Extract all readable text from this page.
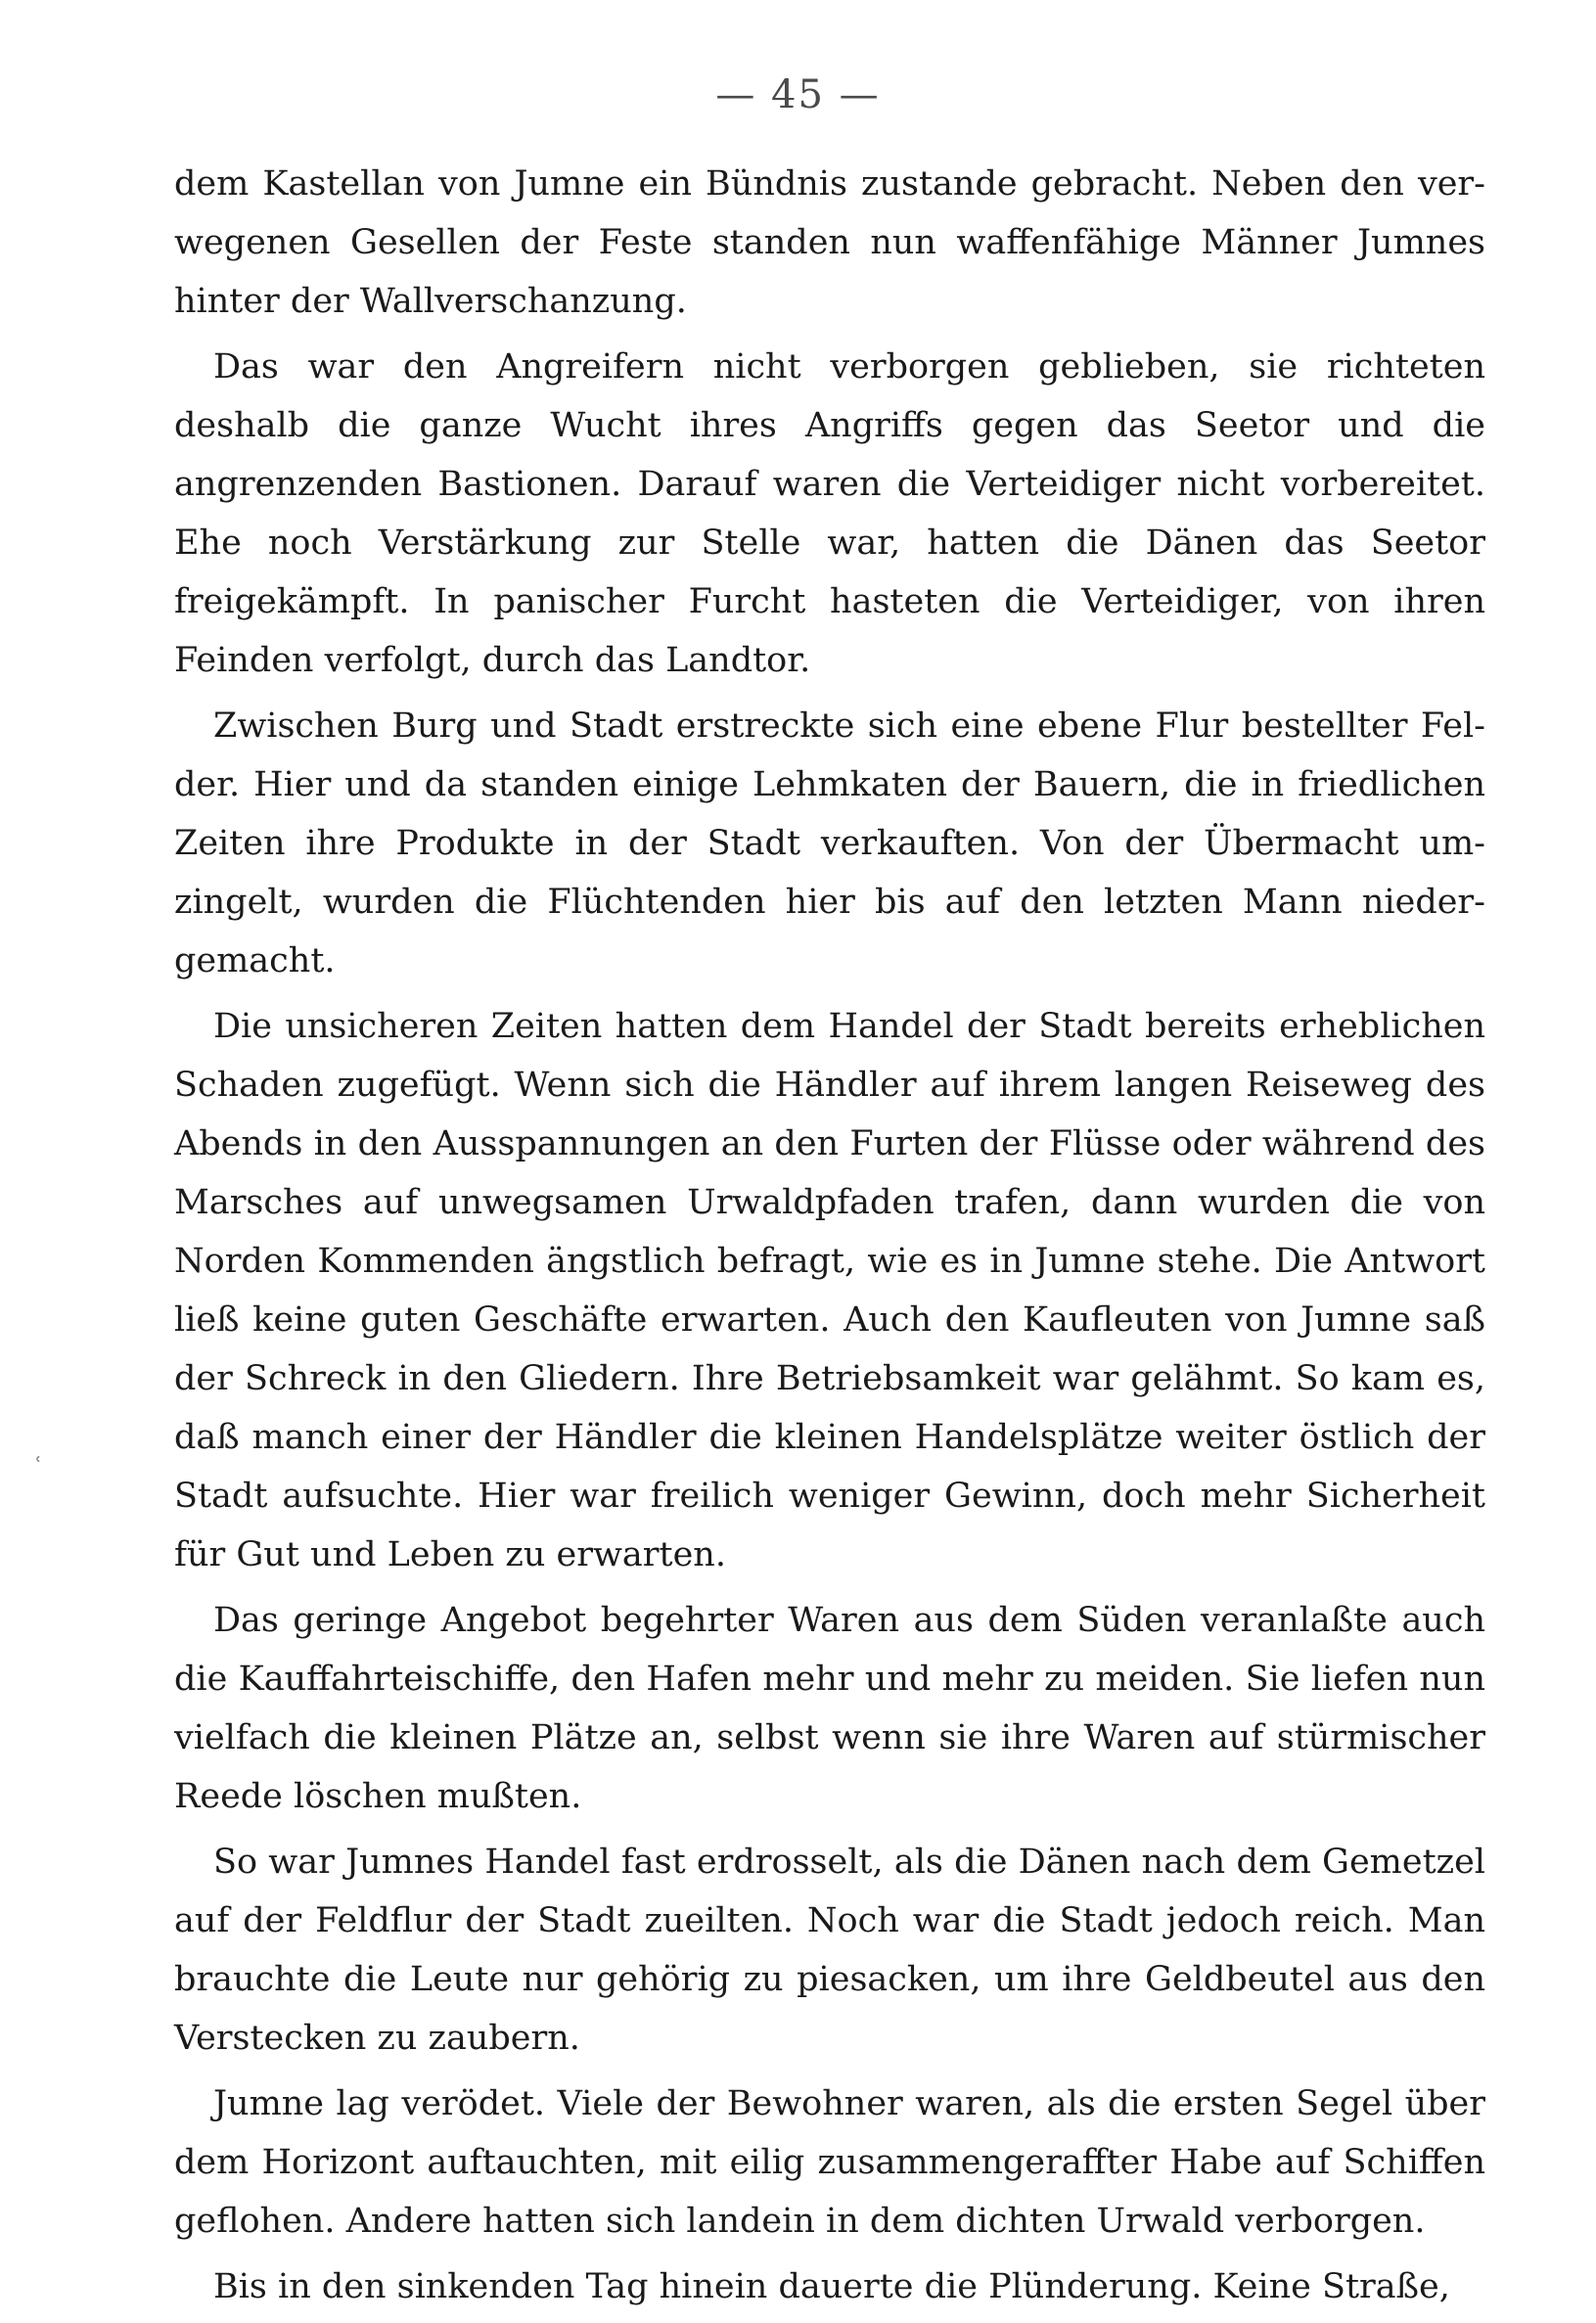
— 45 —
ʿ

dem Kastellan von Jumne ein Bündnis zustande gebracht. Neben den verwegenen Gesellen der Feste standen nun waffenfähige Männer Jumnes hinter der Wallverschanzung.

Das war den Angreifern nicht verborgen geblieben, sie richteten deshalb die ganze Wucht ihres Angriffs gegen das Seetor und die angrenzenden Bastionen. Darauf waren die Verteidiger nicht vorbereitet. Ehe noch Verstärkung zur Stelle war, hatten die Dänen das Seetor freigekämpft. In panischer Furcht hasteten die Verteidiger, von ihren Feinden verfolgt, durch das Landtor.

Zwischen Burg und Stadt erstreckte sich eine ebene Flur bestellter Felder. Hier und da standen einige Lehmkaten der Bauern, die in friedlichen Zeiten ihre Produkte in der Stadt verkauften. Von der Übermacht umzingelt, wurden die Flüchtenden hier bis auf den letzten Mann niedergemacht.

Die unsicheren Zeiten hatten dem Handel der Stadt bereits erheblichen Schaden zugefügt. Wenn sich die Händler auf ihrem langen Reiseweg des Abends in den Ausspannungen an den Furten der Flüsse oder während des Marsches auf unwegsamen Urwaldpfaden trafen, dann wurden die von Norden Kommenden ängstlich befragt, wie es in Jumne stehe. Die Antwort ließ keine guten Geschäfte erwarten. Auch den Kaufleuten von Jumne saß der Schreck in den Gliedern. Ihre Betriebsamkeit war gelähmt. So kam es, daß manch einer der Händler die kleinen Handelsplätze weiter östlich der Stadt aufsuchte. Hier war freilich weniger Gewinn, doch mehr Sicherheit für Gut und Leben zu erwarten.

Das geringe Angebot begehrter Waren aus dem Süden veranlaßte auch die Kauffahrteischiffe, den Hafen mehr und mehr zu meiden. Sie liefen nun vielfach die kleinen Plätze an, selbst wenn sie ihre Waren auf stürmischer Reede löschen mußten.

So war Jumnes Handel fast erdrosselt, als die Dänen nach dem Gemetzel auf der Feldflur der Stadt zueilten. Noch war die Stadt jedoch reich. Man brauchte die Leute nur gehörig zu piesacken, um ihre Geldbeutel aus den Verstecken zu zaubern.

Jumne lag verödet. Viele der Bewohner waren, als die ersten Segel über dem Horizont auftauchten, mit eilig zusammengeraffter Habe auf Schiffen geflohen. Andere hatten sich landein in dem dichten Urwald verborgen.

Bis in den sinkenden Tag hinein dauerte die Plünderung. Keine Straße,
